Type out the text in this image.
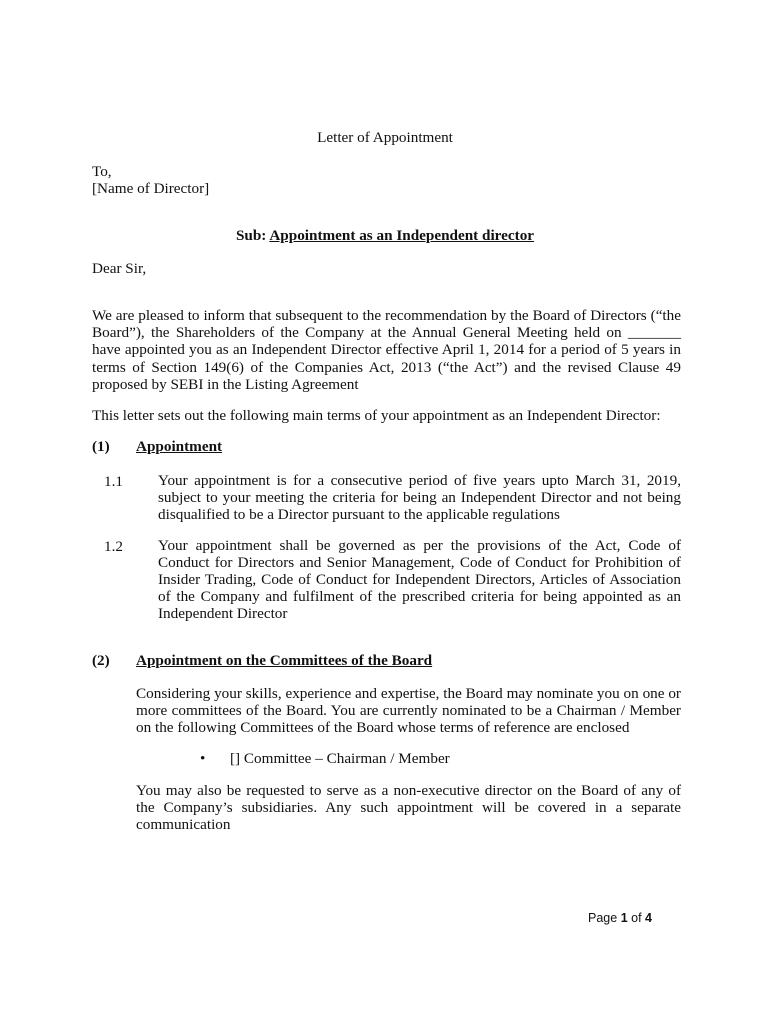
Letter of Appointment
To,
[Name of Director]
Sub: Appointment as an Independent director
Dear Sir,
We are pleased to inform that subsequent to the recommendation by the Board of Directors (“the Board”), the Shareholders of the Company at the Annual General Meeting held on _______ have appointed you as an Independent Director effective April 1, 2014 for a period of 5 years in terms of Section 149(6) of the Companies Act, 2013 (“the Act”) and the revised Clause 49 proposed by SEBI in the Listing Agreement
This letter sets out the following main terms of your appointment as an Independent Director:
(1) Appointment
1.1 Your appointment is for a consecutive period of five years upto March 31, 2019, subject to your meeting the criteria for being an Independent Director and not being disqualified to be a Director pursuant to the applicable regulations
1.2 Your appointment shall be governed as per the provisions of the Act, Code of Conduct for Directors and Senior Management, Code of Conduct for Prohibition of Insider Trading, Code of Conduct for Independent Directors, Articles of Association of the Company and fulfilment of the prescribed criteria for being appointed as an Independent Director
(2) Appointment on the Committees of the Board
Considering your skills, experience and expertise, the Board may nominate you on one or more committees of the Board. You are currently nominated to be a Chairman / Member on the following Committees of the Board whose terms of reference are enclosed
• [] Committee – Chairman / Member
You may also be requested to serve as a non-executive director on the Board of any of the Company’s subsidiaries. Any such appointment will be covered in a separate communication
Page 1 of 4
